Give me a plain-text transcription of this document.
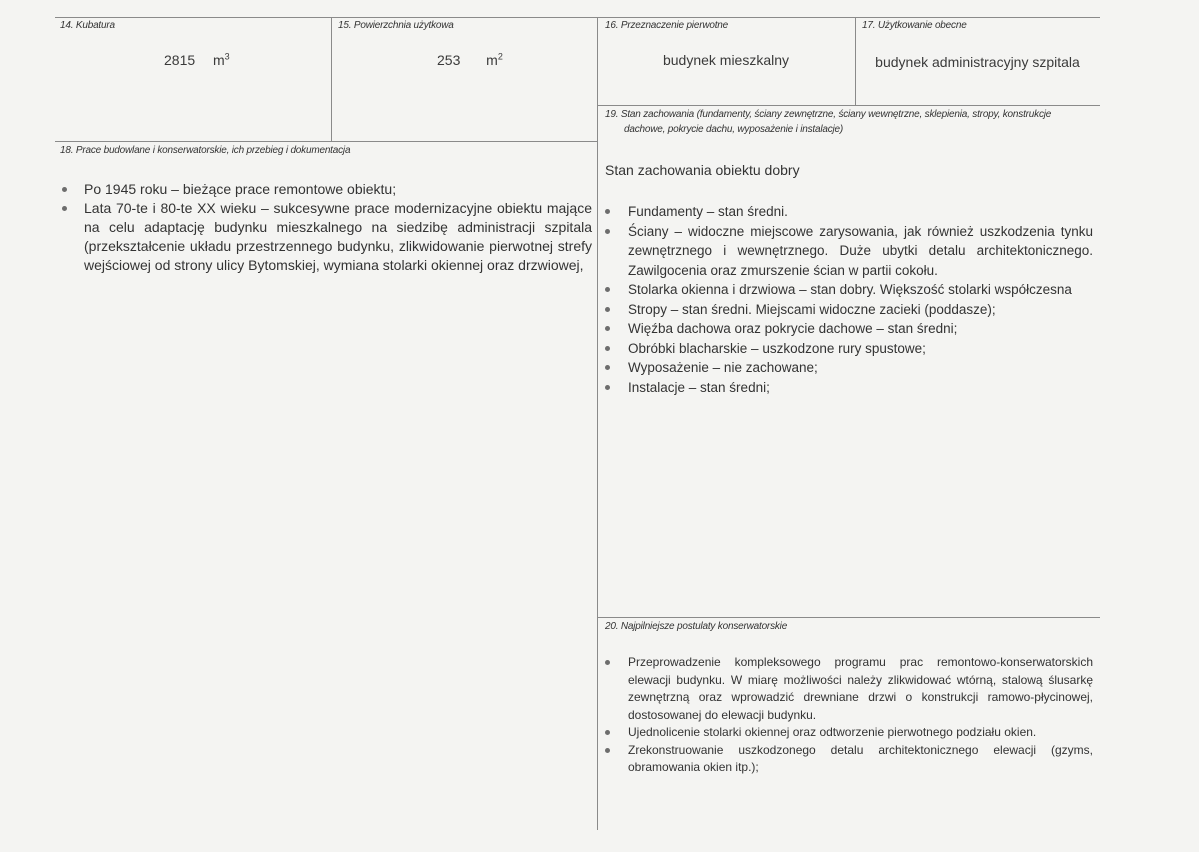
14. Kubatura
2815 $m^3$
15. Powierzchnia użytkowa
253 $m^2$
16. Przeznaczenie pierwotne
budynek mieszkalny
17. Użytkowanie obecne
budynek administracyjny szpitala
19. Stan zachowania (fundamenty, ściany zewnętrzne, ściany wewnętrzne, sklepienia, stropy, konstrukcje
dachowe, pokrycie dachu, wyposażenie i instalacje)
Stan zachowania obiektu dobry
Fundamenty – stan średni.
Ściany – widoczne miejscowe zarysowania, jak również uszkodzenia tynku zewnętrznego i wewnętrznego. Duże ubytki detalu architektonicznego. Zawilgocenia oraz zmurszenie ścian w partii cokołu.
Stolarka okienna i drzwiowa – stan dobry. Większość stolarki współczesna
Stropy – stan średni. Miejscami widoczne zacieki (poddasze);
Więźba dachowa oraz pokrycie dachowe – stan średni;
Obróbki blacharskie – uszkodzone rury spustowe;
Wyposażenie – nie zachowane;
Instalacje – stan średni;
18. Prace budowlane i konserwatorskie, ich przebieg i dokumentacja
Po 1945 roku – bieżące prace remontowe obiektu;
Lata 70-te i 80-te XX wieku – sukcesywne prace modernizacyjne obiektu mające na celu adaptację budynku mieszkalnego na siedzibę administracji szpitala (przekształcenie układu przestrzennego budynku, zlikwidowanie pierwotnej strefy wejściowej od strony ulicy Bytomskiej, wymiana stolarki okiennej oraz drzwiowej,
20. Najpilniejsze postulaty konserwatorskie
Przeprowadzenie kompleksowego programu prac remontowo-konserwatorskich elewacji budynku. W miarę możliwości należy zlikwidować wtórną, stalową ślusarkę zewnętrzną oraz wprowadzić drewniane drzwi o konstrukcji ramowo-płycinowej, dostosowanej do elewacji budynku.
Ujednolicenie stolarki okiennej oraz odtworzenie pierwotnego podziału okien.
Zrekonstruowanie uszkodzonego detalu architektonicznego elewacji (gzyms, obramowania okien itp.);
